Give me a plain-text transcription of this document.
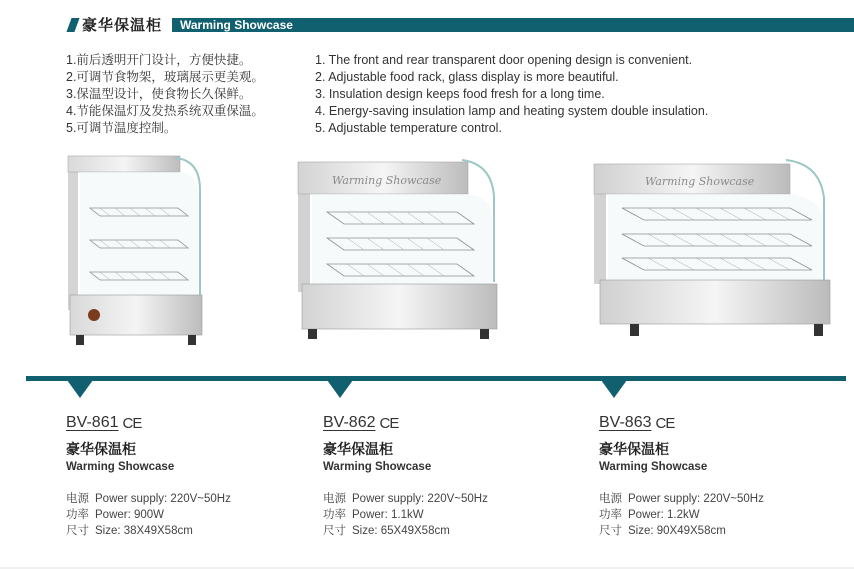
豪华保温柜 Warming Showcase
1.前后透明开门设计，方便快捷。
2.可调节食物架，玻璃展示更美观。
3.保温型设计，使食物长久保鲜。
4.节能保温灯及发热系统双重保温。
5.可调节温度控制。
1. The front and rear transparent door opening design is convenient.
2. Adjustable food rack, glass display is more beautiful.
3. Insulation design keeps food fresh for a long time.
4. Energy-saving insulation lamp and heating system double insulation.
5. Adjustable temperature control.
Warming Showcase	Warming Showcase
BV-861 CE
豪华保温柜
Warming Showcase
电源 Power supply: 220V~50Hz
功率 Power: 900W
尺寸 Size: 38X49X58cm
BV-862 CE
豪华保温柜
Warming Showcase
电源 Power supply: 220V~50Hz
功率 Power: 1.1kW
尺寸 Size: 65X49X58cm
BV-863 CE
豪华保温柜
Warming Showcase
电源 Power supply: 220V~50Hz
功率 Power: 1.2kW
尺寸 Size: 90X49X58cm
